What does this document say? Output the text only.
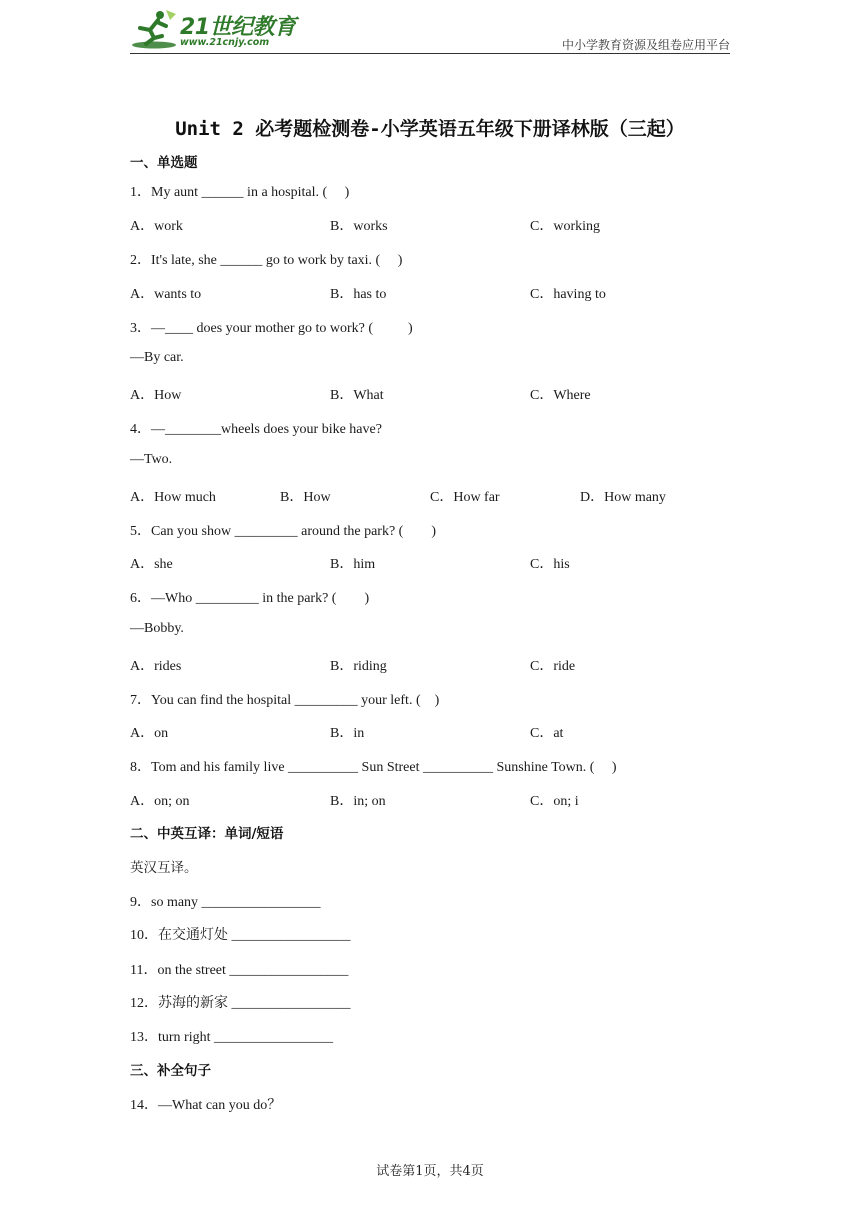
21世纪教育
www.21cnjy.com	中小学教育资源及组卷应用平台
Unit 2 必考题检测卷-小学英语五年级下册译林版（三起）
一、单选题
1．My aunt ______ in a hospital. (     )
A．work	B．works	C．working
2．It's late, she ______ go to work by taxi. (     )
A．wants to	B．has to	C．having to
3．—____ does your mother go to work? (          )
—By car.
A．How	B．What	C．Where
4．—________wheels does your bike have?
—Two.
A．How much	B．How	C．How far	D．How many
5．Can you show _________ around the park? (        )
A．she	B．him	C．his
6．—Who _________ in the park? (        )
—Bobby.
A．rides	B．riding	C．ride
7．You can find the hospital _________ your left. (    )
A．on	B．in	C．at
8．Tom and his family live __________ Sun Street __________ Sunshine Town. (     )
A．on; on	B．in; on	C．on; i
二、中英互译：单词/短语
英汉互译。
9．so many _________________
10．在交通灯处 _________________
11．on the street _________________
12．苏海的新家 _________________
13．turn right _________________
三、补全句子
14．—What can you do？
试卷第1页，共4页
